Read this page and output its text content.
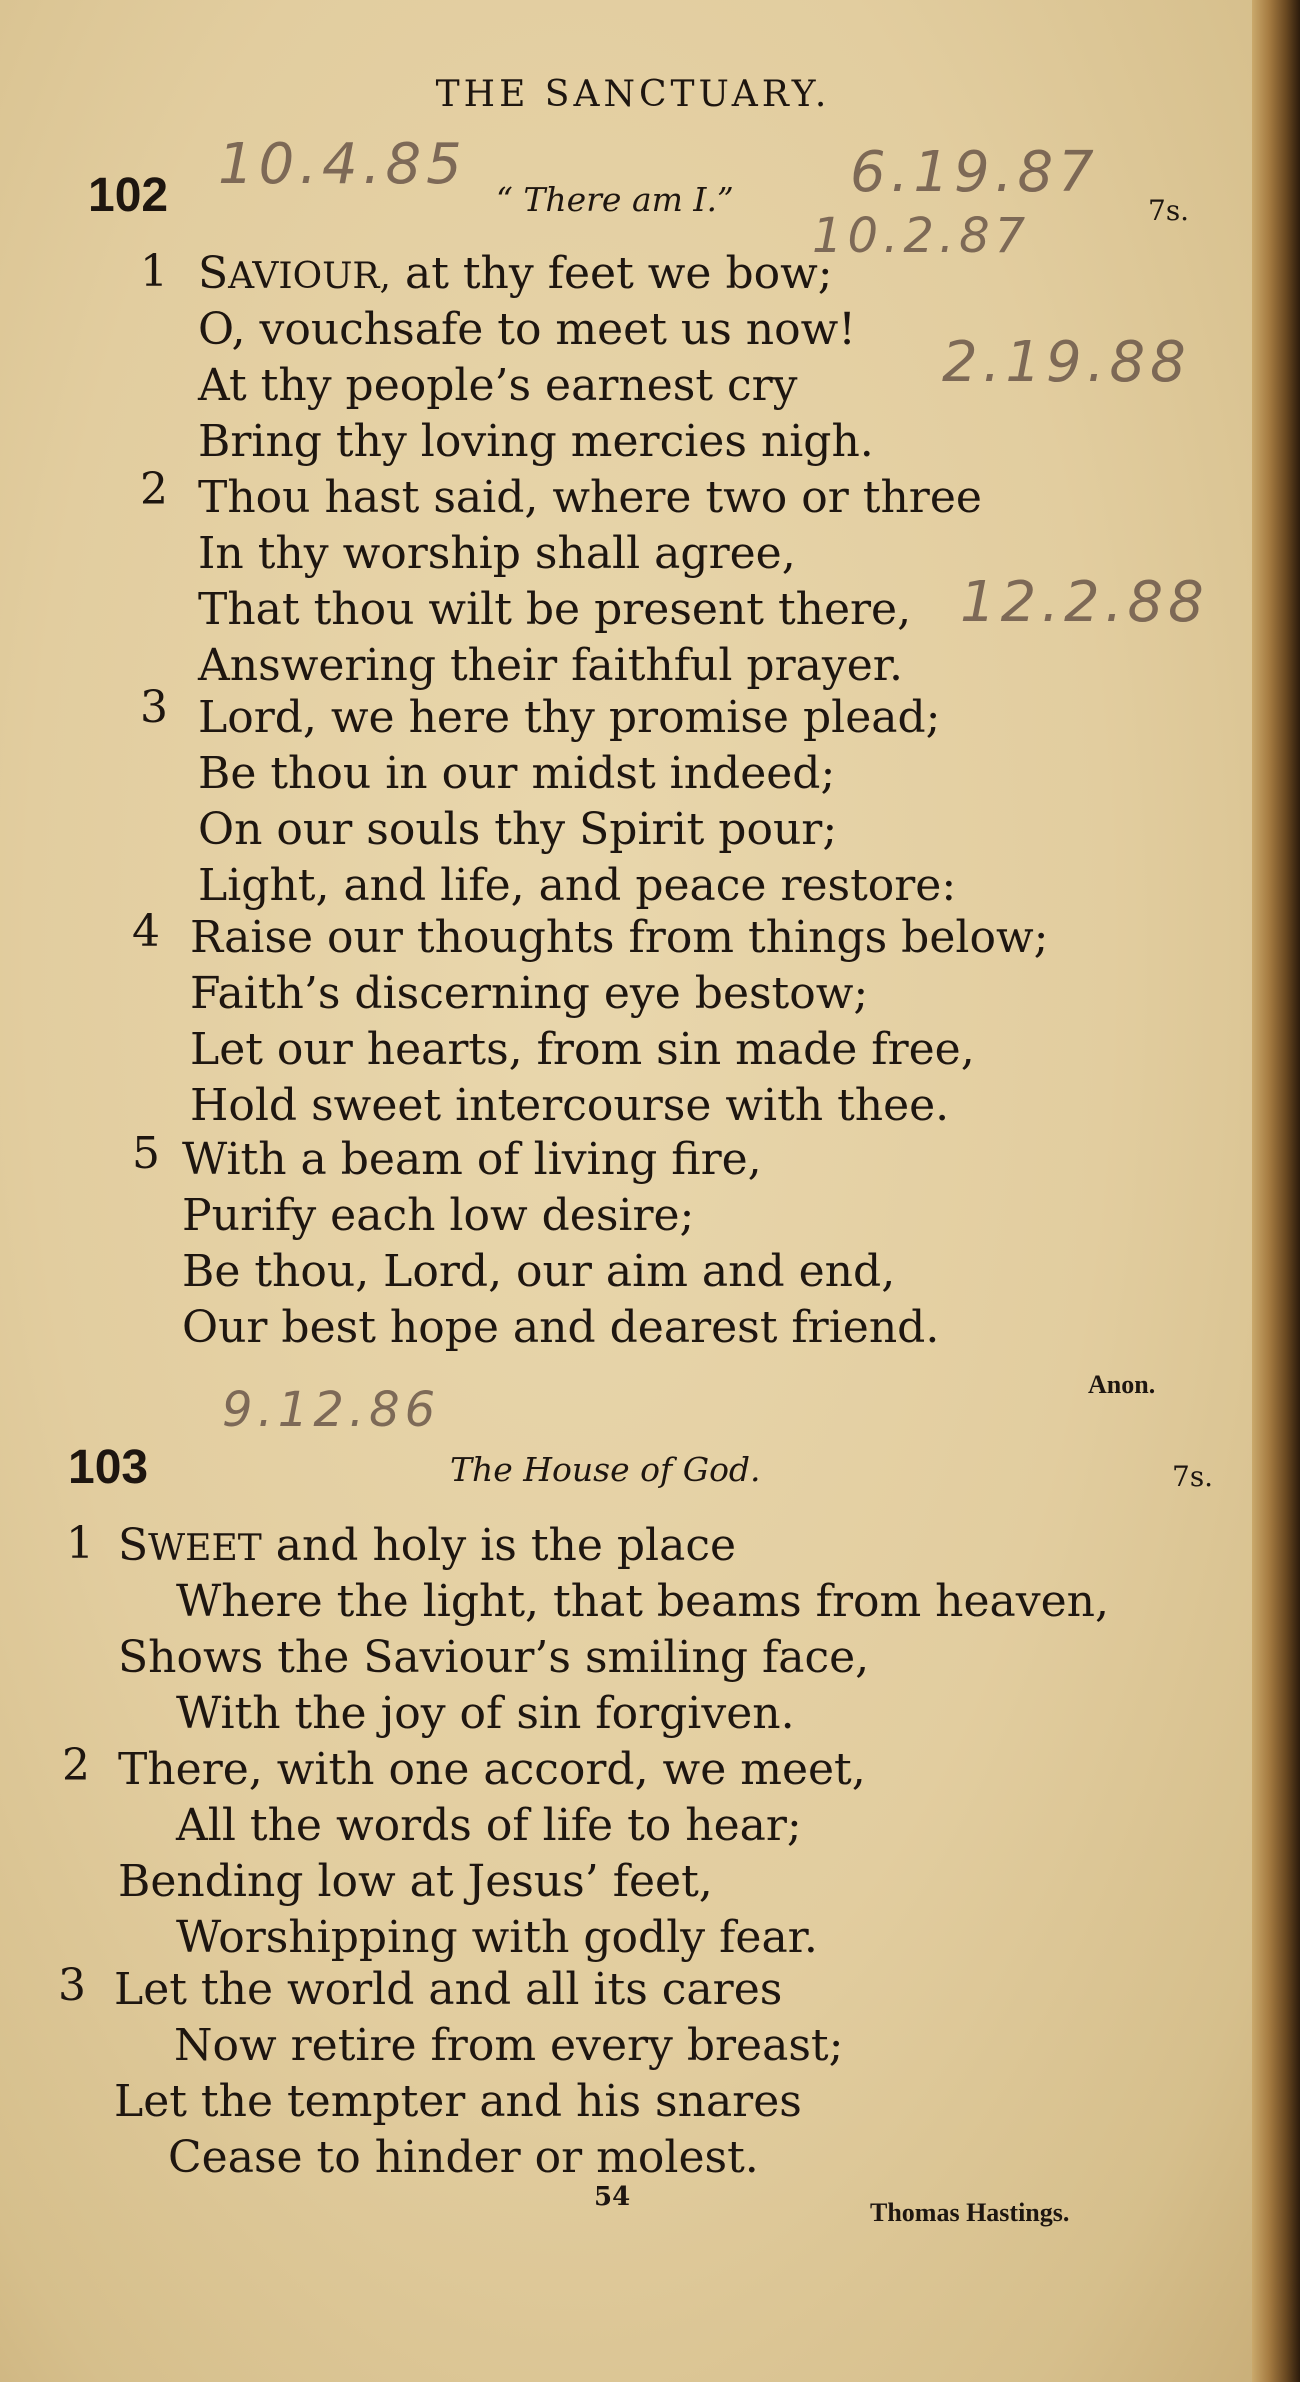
THE SANCTUARY.
10.4.85	6.19.87
10.2.87
2.19.88
12.2.88
9.12.86
102	“ There am I.”	7s.
1 SAVIOUR, at thy feet we bow;
O, vouchsafe to meet us now!
At thy people’s earnest cry
Bring thy loving mercies nigh.
2 Thou hast said, where two or three
In thy worship shall agree,
That thou wilt be present there,
Answering their faithful prayer.
3 Lord, we here thy promise plead;
Be thou in our midst indeed;
On our souls thy Spirit pour;
Light, and life, and peace restore:
4 Raise our thoughts from things below;
Faith’s discerning eye bestow;
Let our hearts, from sin made free,
Hold sweet intercourse with thee.
5 With a beam of living fire,
Purify each low desire;
Be thou, Lord, our aim and end,
Our best hope and dearest friend.
Anon.
103	The House of God.	7s.
1 SWEET and holy is the place
Where the light, that beams from heaven,
Shows the Saviour’s smiling face,
With the joy of sin forgiven.
2 There, with one accord, we meet,
All the words of life to hear;
Bending low at Jesus’ feet,
Worshipping with godly fear.
3 Let the world and all its cares
Now retire from every breast;
Let the tempter and his snares
Cease to hinder or molest.
54
Thomas Hastings.
